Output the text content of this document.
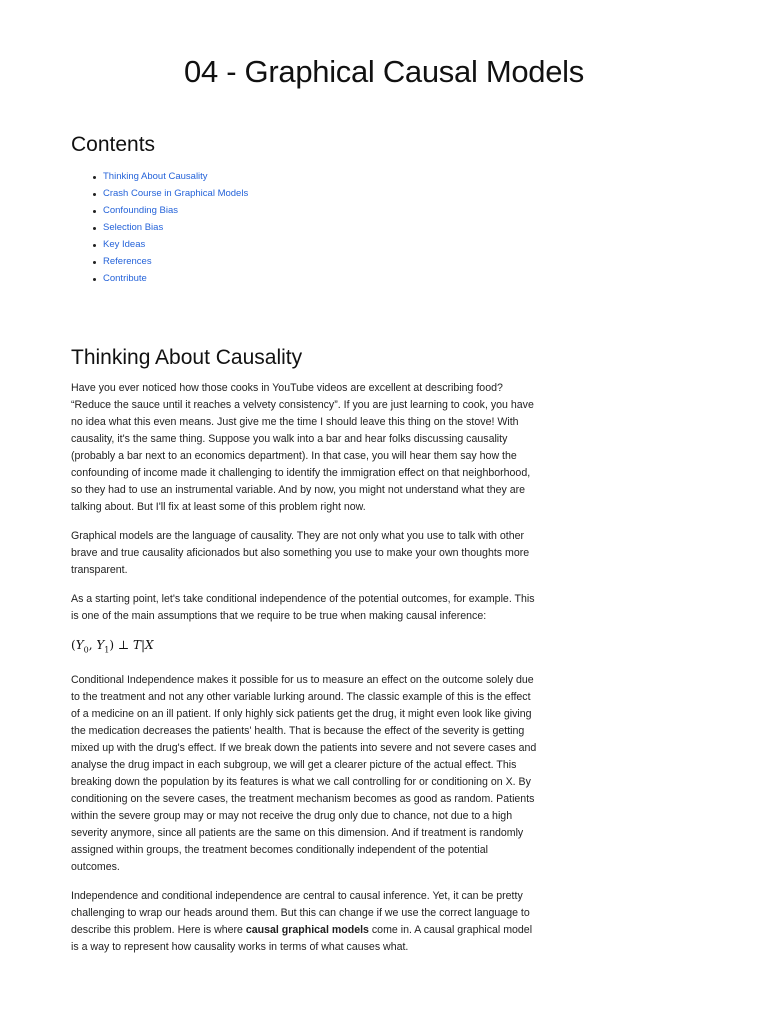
04 - Graphical Causal Models
Contents
Thinking About Causality
Crash Course in Graphical Models
Confounding Bias
Selection Bias
Key Ideas
References
Contribute
Thinking About Causality

Have you ever noticed how those cooks in YouTube videos are excellent at describing food? “Reduce the sauce until it reaches a velvety consistency”. If you are just learning to cook, you have no idea what this even means. Just give me the time I should leave this thing on the stove! With causality, it's the same thing. Suppose you walk into a bar and hear folks discussing causality (probably a bar next to an economics department). In that case, you will hear them say how the confounding of income made it challenging to identify the immigration effect on that neighborhood, so they had to use an instrumental variable. And by now, you might not understand what they are talking about. But I'll fix at least some of this problem right now.

Graphical models are the language of causality. They are not only what you use to talk with other brave and true causality aficionados but also something you use to make your own thoughts more transparent.

As a starting point, let's take conditional independence of the potential outcomes, for example. This is one of the main assumptions that we require to be true when making causal inference:

($Y_0$, $Y_1$) ⊥ T|X

Conditional Independence makes it possible for us to measure an effect on the outcome solely due to the treatment and not any other variable lurking around. The classic example of this is the effect of a medicine on an ill patient. If only highly sick patients get the drug, it might even look like giving the medication decreases the patients' health. That is because the effect of the severity is getting mixed up with the drug's effect. If we break down the patients into severe and not severe cases and analyse the drug impact in each subgroup, we will get a clearer picture of the actual effect. This breaking down the population by its features is what we call controlling for or conditioning on X. By conditioning on the severe cases, the treatment mechanism becomes as good as random. Patients within the severe group may or may not receive the drug only due to chance, not due to a high severity anymore, since all patients are the same on this dimension. And if treatment is randomly assigned within groups, the treatment becomes conditionally independent of the potential outcomes.

Independence and conditional independence are central to causal inference. Yet, it can be pretty challenging to wrap our heads around them. But this can change if we use the correct language to describe this problem. Here is where causal graphical models come in. A causal graphical model is a way to represent how causality works in terms of what causes what.
